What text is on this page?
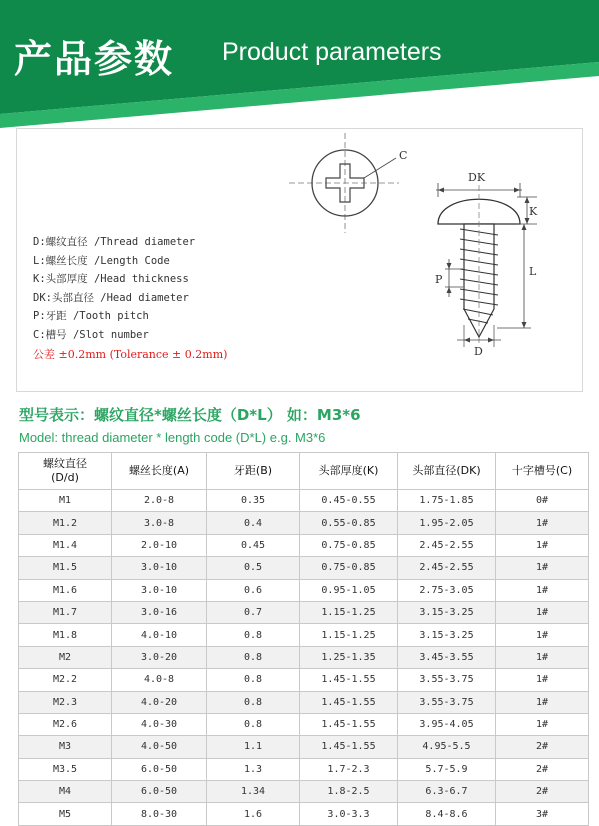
产品参数 Product parameters
C
DK
K
L
P
D
D:螺纹直径 /Thread diameter
L:螺丝长度 /Length Code
K:头部厚度 /Head thickness
DK:头部直径 /Head diameter
P:牙距 /Tooth pitch
C:槽号 /Slot number
公差 ±0.2mm (Tolerance ± 0.2mm)
型号表示：螺纹直径*螺丝长度（D*L） 如：M3*6
Model: thread diameter * length code (D*L) e.g. M3*6
螺纹直径
(D/d)	螺丝长度(A)	牙距(B)	头部厚度(K)	头部直径(DK)	十字槽号(C)
M1	2.0-8	0.35	0.45-0.55	1.75-1.85	0#
M1.2	3.0-8	0.4	0.55-0.85	1.95-2.05	1#
M1.4	2.0-10	0.45	0.75-0.85	2.45-2.55	1#
M1.5	3.0-10	0.5	0.75-0.85	2.45-2.55	1#
M1.6	3.0-10	0.6	0.95-1.05	2.75-3.05	1#
M1.7	3.0-16	0.7	1.15-1.25	3.15-3.25	1#
M1.8	4.0-10	0.8	1.15-1.25	3.15-3.25	1#
M2	3.0-20	0.8	1.25-1.35	3.45-3.55	1#
M2.2	4.0-8	0.8	1.45-1.55	3.55-3.75	1#
M2.3	4.0-20	0.8	1.45-1.55	3.55-3.75	1#
M2.6	4.0-30	0.8	1.45-1.55	3.95-4.05	1#
M3	4.0-50	1.1	1.45-1.55	4.95-5.5	2#
M3.5	6.0-50	1.3	1.7-2.3	5.7-5.9	2#
M4	6.0-50	1.34	1.8-2.5	6.3-6.7	2#
M5	8.0-30	1.6	3.0-3.3	8.4-8.6	3#
